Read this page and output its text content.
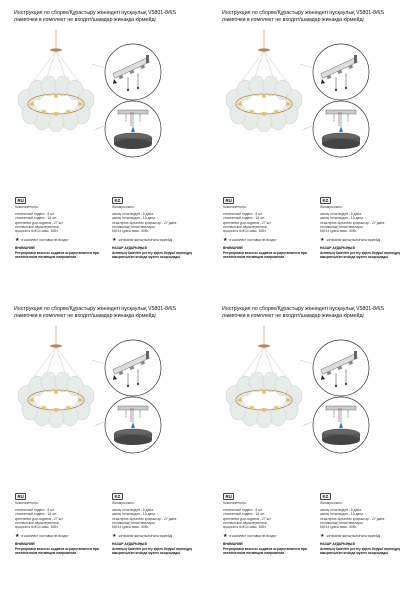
Инструкция по сборке/Құрастыру жөніндегі нұсқаулық V5801-8/6S лампочки в комплект не входят/шамдар жинаққа кірмейді
RU	KZ
Комплектность:	Жинақтылығы:
стеклянный подвес - 8 шт.
стеклянный подвес - 16 шт.
крепление для подвеса - 27 шт.
шыны ілгіштерден - 8 дана.
шыны ілгіштерден - 16 дана.
ілгіштеріне арналған қосқыштар - 27 дана.
технические характеристики:
мощность 6xE14 макс. 40Вт.
техникалық сипаттамалары:
6xE14 қуаты макс. 40Вт.
★ в комплект поставки не входят	★ жеткізілім жинақтылығына кірмейді
ВНИМАНИЕ!	НАЗАР АУДАРЫҢЫЗ!
Регулировка высоты подвеса осуществляется при отключенном питающем напряжении.
Аспаның биіктігін реттеу қорек беруші кернеудің ажыратылған кезінде жүзеге асырылады.
Инструкция по сборке/Құрастыру жөніндегі нұсқаулық V5801-8/6S лампочки в комплект не входят/шамдар жинаққа кірмейді
RU	KZ
Комплектность:	Жинақтылығы:
стеклянный подвес - 8 шт.
стеклянный подвес - 16 шт.
крепление для подвеса - 27 шт.
шыны ілгіштерден - 8 дана.
шыны ілгіштерден - 16 дана.
ілгіштеріне арналған қосқыштар - 27 дана.
технические характеристики:
мощность 6xE14 макс. 40Вт.
техникалық сипаттамалары:
6xE14 қуаты макс. 40Вт.
★ в комплект поставки не входят	★ жеткізілім жинақтылығына кірмейді
ВНИМАНИЕ!	НАЗАР АУДАРЫҢЫЗ!
Регулировка высоты подвеса осуществляется при отключенном питающем напряжении.
Аспаның биіктігін реттеу қорек беруші кернеудің ажыратылған кезінде жүзеге асырылады.
Инструкция по сборке/Құрастыру жөніндегі нұсқаулық V5801-8/6S лампочки в комплект не входят/шамдар жинаққа кірмейді
RU	KZ
Комплектность:	Жинақтылығы:
стеклянный подвес - 8 шт.
стеклянный подвес - 16 шт.
крепление для подвеса - 27 шт.
шыны ілгіштерден - 8 дана.
шыны ілгіштерден - 16 дана.
ілгіштеріне арналған қосқыштар - 27 дана.
технические характеристики:
мощность 6xE14 макс. 40Вт.
техникалық сипаттамалары:
6xE14 қуаты макс. 40Вт.
★ в комплект поставки не входят	★ жеткізілім жинақтылығына кірмейді
ВНИМАНИЕ!	НАЗАР АУДАРЫҢЫЗ!
Регулировка высоты подвеса осуществляется при отключенном питающем напряжении.
Аспаның биіктігін реттеу қорек беруші кернеудің ажыратылған кезінде жүзеге асырылады.
Инструкция по сборке/Құрастыру жөніндегі нұсқаулық V5801-8/6S лампочки в комплект не входят/шамдар жинаққа кірмейді
RU	KZ
Комплектность:	Жинақтылығы:
стеклянный подвес - 8 шт.
стеклянный подвес - 16 шт.
крепление для подвеса - 27 шт.
шыны ілгіштерден - 8 дана.
шыны ілгіштерден - 16 дана.
ілгіштеріне арналған қосқыштар - 27 дана.
технические характеристики:
мощность 6xE14 макс. 40Вт.
техникалық сипаттамалары:
6xE14 қуаты макс. 40Вт.
★ в комплект поставки не входят	★ жеткізілім жинақтылығына кірмейді
ВНИМАНИЕ!	НАЗАР АУДАРЫҢЫЗ!
Регулировка высоты подвеса осуществляется при отключенном питающем напряжении.
Аспаның биіктігін реттеу қорек беруші кернеудің ажыратылған кезінде жүзеге асырылады.
